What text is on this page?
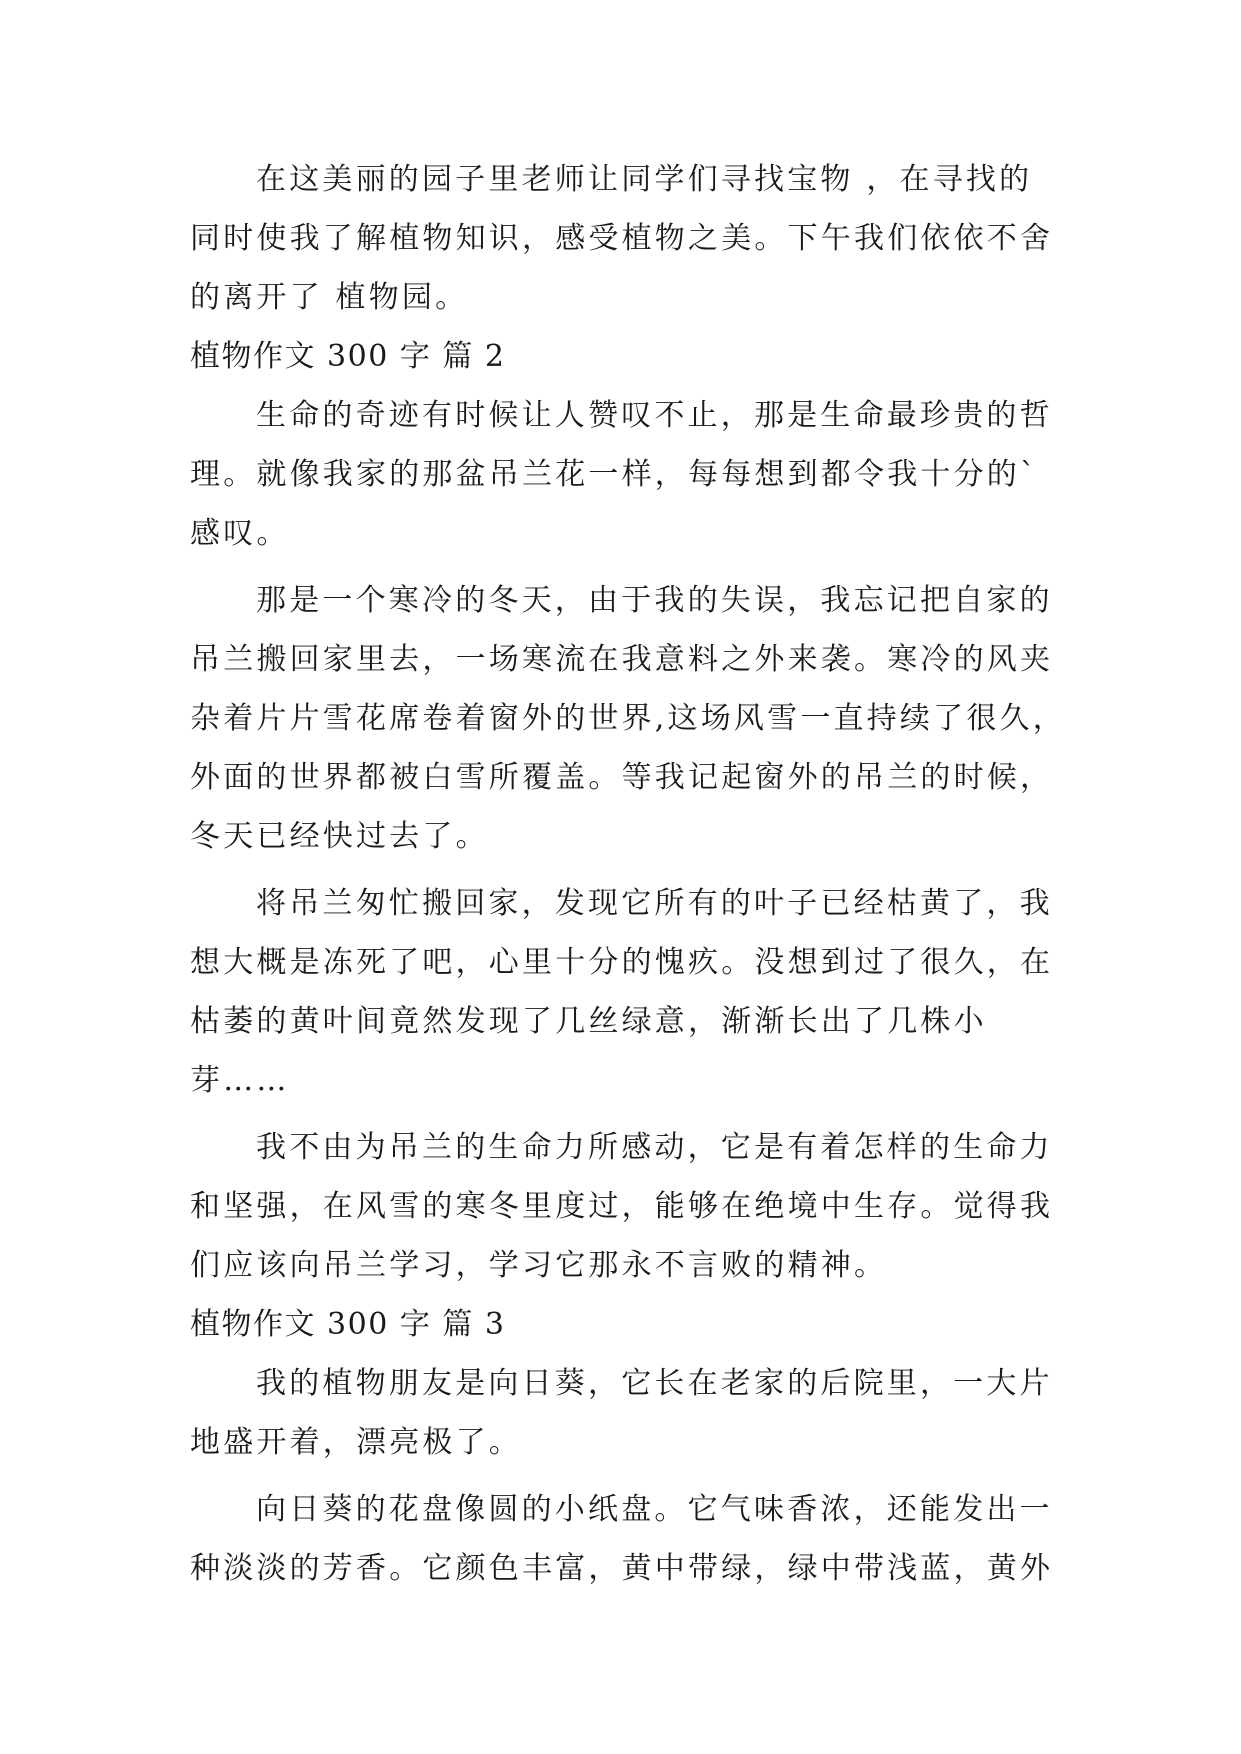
在这美丽的园子里老师让同学们寻找宝物 ，在寻找的
同时使我了解植物知识，感受植物之美。下午我们依依不舍
的离开了 植物园。
植物作文 300 字 篇 2
生命的奇迹有时候让人赞叹不止，那是生命最珍贵的哲
理。就像我家的那盆吊兰花一样，每每想到都令我十分的`
感叹。
那是一个寒冷的冬天，由于我的失误，我忘记把自家的
吊兰搬回家里去，一场寒流在我意料之外来袭。寒冷的风夹
杂着片片雪花席卷着窗外的世界,这场风雪一直持续了很久，
外面的世界都被白雪所覆盖。等我记起窗外的吊兰的时候，
冬天已经快过去了。
将吊兰匆忙搬回家，发现它所有的叶子已经枯黄了，我
想大概是冻死了吧，心里十分的愧疚。没想到过了很久，在
枯萎的黄叶间竟然发现了几丝绿意，渐渐长出了几株小
芽……
我不由为吊兰的生命力所感动，它是有着怎样的生命力
和坚强，在风雪的寒冬里度过，能够在绝境中生存。觉得我
们应该向吊兰学习，学习它那永不言败的精神。
植物作文 300 字 篇 3
我的植物朋友是向日葵，它长在老家的后院里，一大片
地盛开着，漂亮极了。
向日葵的花盘像圆的小纸盘。它气味香浓，还能发出一
种淡淡的芳香。它颜色丰富，黄中带绿，绿中带浅蓝，黄外
